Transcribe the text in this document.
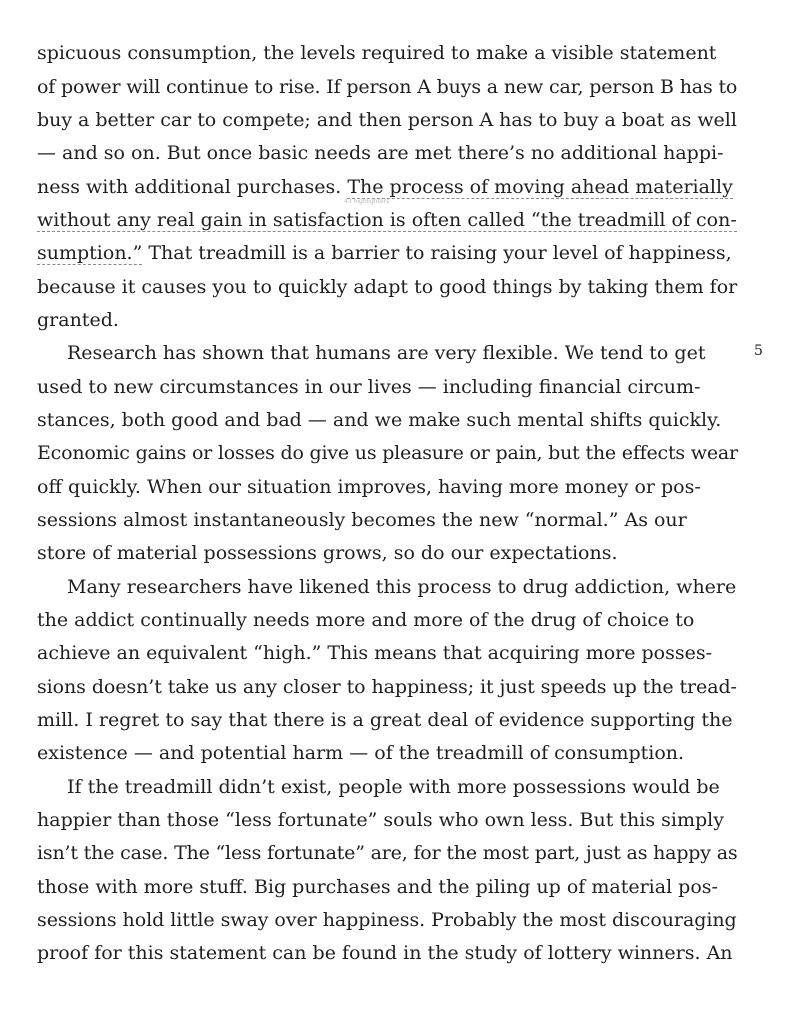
spicuous consumption, the levels required to make a visible statement
of power will continue to rise. If person A buys a new car, person B has to
buy a better car to compete; and then person A has to buy a boat as well
— and so on. But once basic needs are met there’s no additional happi-
ness with additional purchases. The process of moving ahead materially
43 highlighters
without any real gain in satisfaction is often called “the treadmill of con-
sumption.” That treadmill is a barrier to raising your level of happiness,
because it causes you to quickly adapt to good things by taking them for
granted.
Research has shown that humans are very flexible. We tend to get	5
used to new circumstances in our lives — including financial circum-
stances, both good and bad — and we make such mental shifts quickly.
Economic gains or losses do give us pleasure or pain, but the effects wear
off quickly. When our situation improves, having more money or pos-
sessions almost instantaneously becomes the new “normal.” As our
store of material possessions grows, so do our expectations.
Many researchers have likened this process to drug addiction, where
the addict continually needs more and more of the drug of choice to
achieve an equivalent “high.” This means that acquiring more posses-
sions doesn’t take us any closer to happiness; it just speeds up the tread-
mill. I regret to say that there is a great deal of evidence supporting the
existence — and potential harm — of the treadmill of consumption.
If the treadmill didn’t exist, people with more possessions would be
happier than those “less fortunate” souls who own less. But this simply
isn’t the case. The “less fortunate” are, for the most part, just as happy as
those with more stuff. Big purchases and the piling up of material pos-
sessions hold little sway over happiness. Probably the most discouraging
proof for this statement can be found in the study of lottery winners. An
